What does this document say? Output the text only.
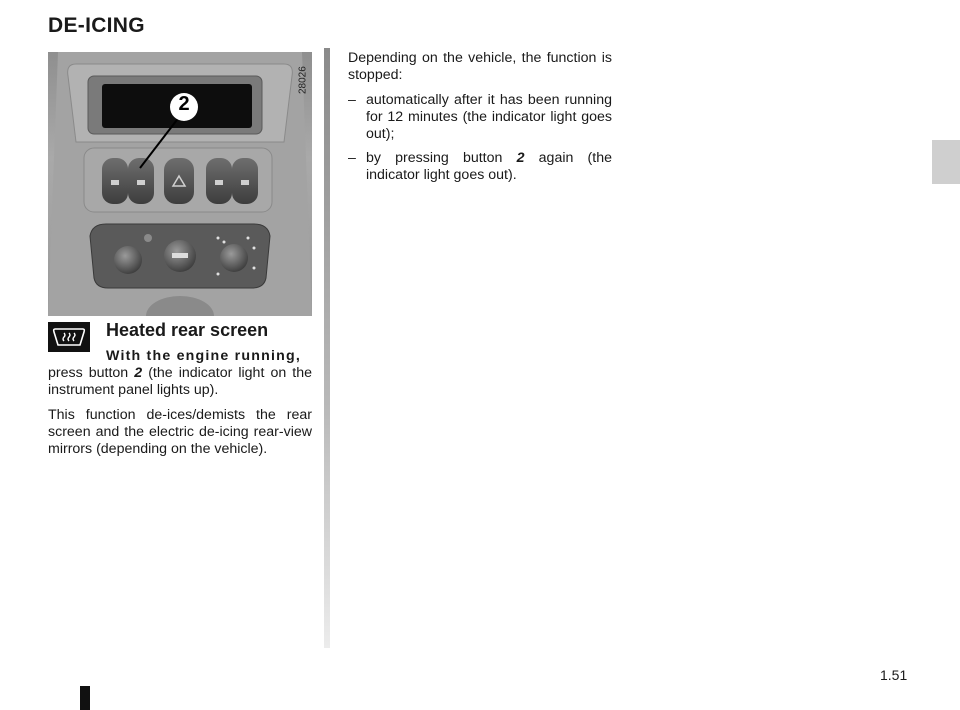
DE-ICING
2
28026
Heated rear screen
With the engine running,
press button 2 (the indicator light on the instrument panel lights up).
This function de-ices/demists the rear screen and the electric de-icing rear-view mirrors (depending on the vehicle).
Depending on the vehicle, the function is stopped:
– automatically after it has been running for 12 minutes (the indicator light goes out);
– by pressing button 2 again (the indicator light goes out).
1.51
